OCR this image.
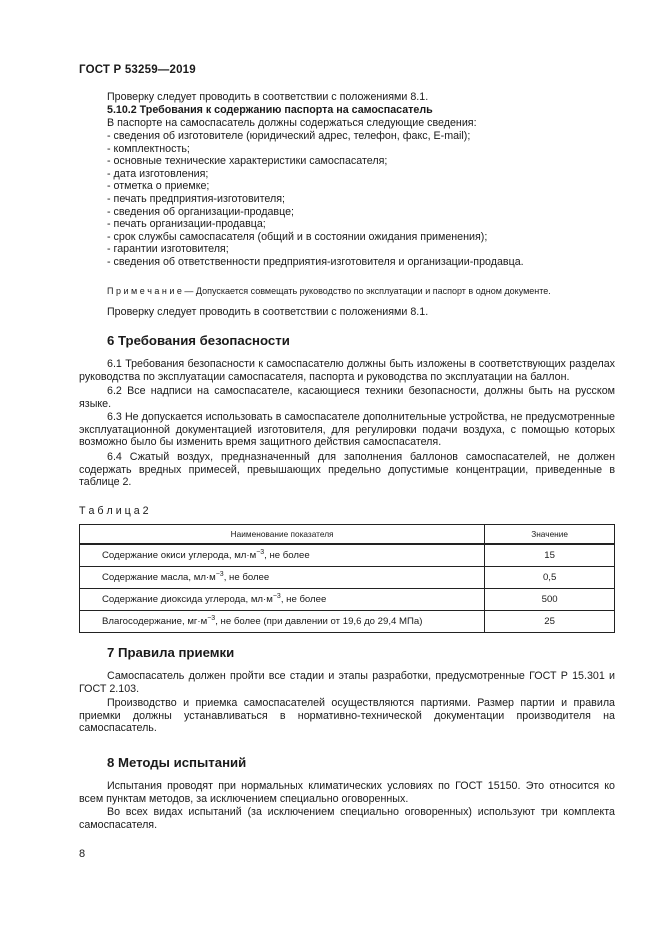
ГОСТ Р 53259—2019
Проверку следует проводить в соответствии с положениями 8.1.
5.10.2 Требования к содержанию паспорта на самоспасатель
В паспорте на самоспасатель должны содержаться следующие сведения:
- сведения об изготовителе (юридический адрес, телефон, факс, E-mail);
- комплектность;
- основные технические характеристики самоспасателя;
- дата изготовления;
- отметка о приемке;
- печать предприятия-изготовителя;
- сведения об организации-продавце;
- печать организации-продавца;
- срок службы самоспасателя (общий и в состоянии ожидания применения);
- гарантии изготовителя;
- сведения об ответственности предприятия-изготовителя и организации-продавца.
П р и м е ч а н и е — Допускается совмещать руководство по эксплуатации и паспорт в одном документе.
Проверку следует проводить в соответствии с положениями 8.1.
6 Требования безопасности
6.1 Требования безопасности к самоспасателю должны быть изложены в соответствующих разделах руководства по эксплуатации самоспасателя, паспорта и руководства по эксплуатации на баллон.
6.2 Все надписи на самоспасателе, касающиеся техники безопасности, должны быть на русском языке.
6.3 Не допускается использовать в самоспасателе дополнительные устройства, не предусмотренные эксплуатационной документацией изготовителя, для регулировки подачи воздуха, с помощью которых возможно было бы изменить время защитного действия самоспасателя.
6.4 Сжатый воздух, предназначенный для заполнения баллонов самоспасателей, не должен содержать вредных примесей, превышающих предельно допустимые концентрации, приведенные в таблице 2.
Т а б л и ц а 2
Наименование показателя	Значение
Содержание окиси углерода, $мл\cdot м^{-3}$, не более	15
Содержание масла, $мл\cdot м^{-3}$, не более	0,5
Содержание диоксида углерода, $мл\cdot м^{-3}$, не более	500
Влагосодержание, $мг\cdot м^{-3}$, не более (при давлении от 19,6 до 29,4 МПа)	25
7 Правила приемки
Самоспасатель должен пройти все стадии и этапы разработки, предусмотренные ГОСТ Р 15.301 и ГОСТ 2.103.
Производство и приемка самоспасателей осуществляются партиями. Размер партии и правила приемки должны устанавливаться в нормативно-технической документации производителя на самоспасатель.
8 Методы испытаний
Испытания проводят при нормальных климатических условиях по ГОСТ 15150. Это относится ко всем пунктам методов, за исключением специально оговоренных.
Во всех видах испытаний (за исключением специально оговоренных) используют три комплекта самоспасателя.
8
